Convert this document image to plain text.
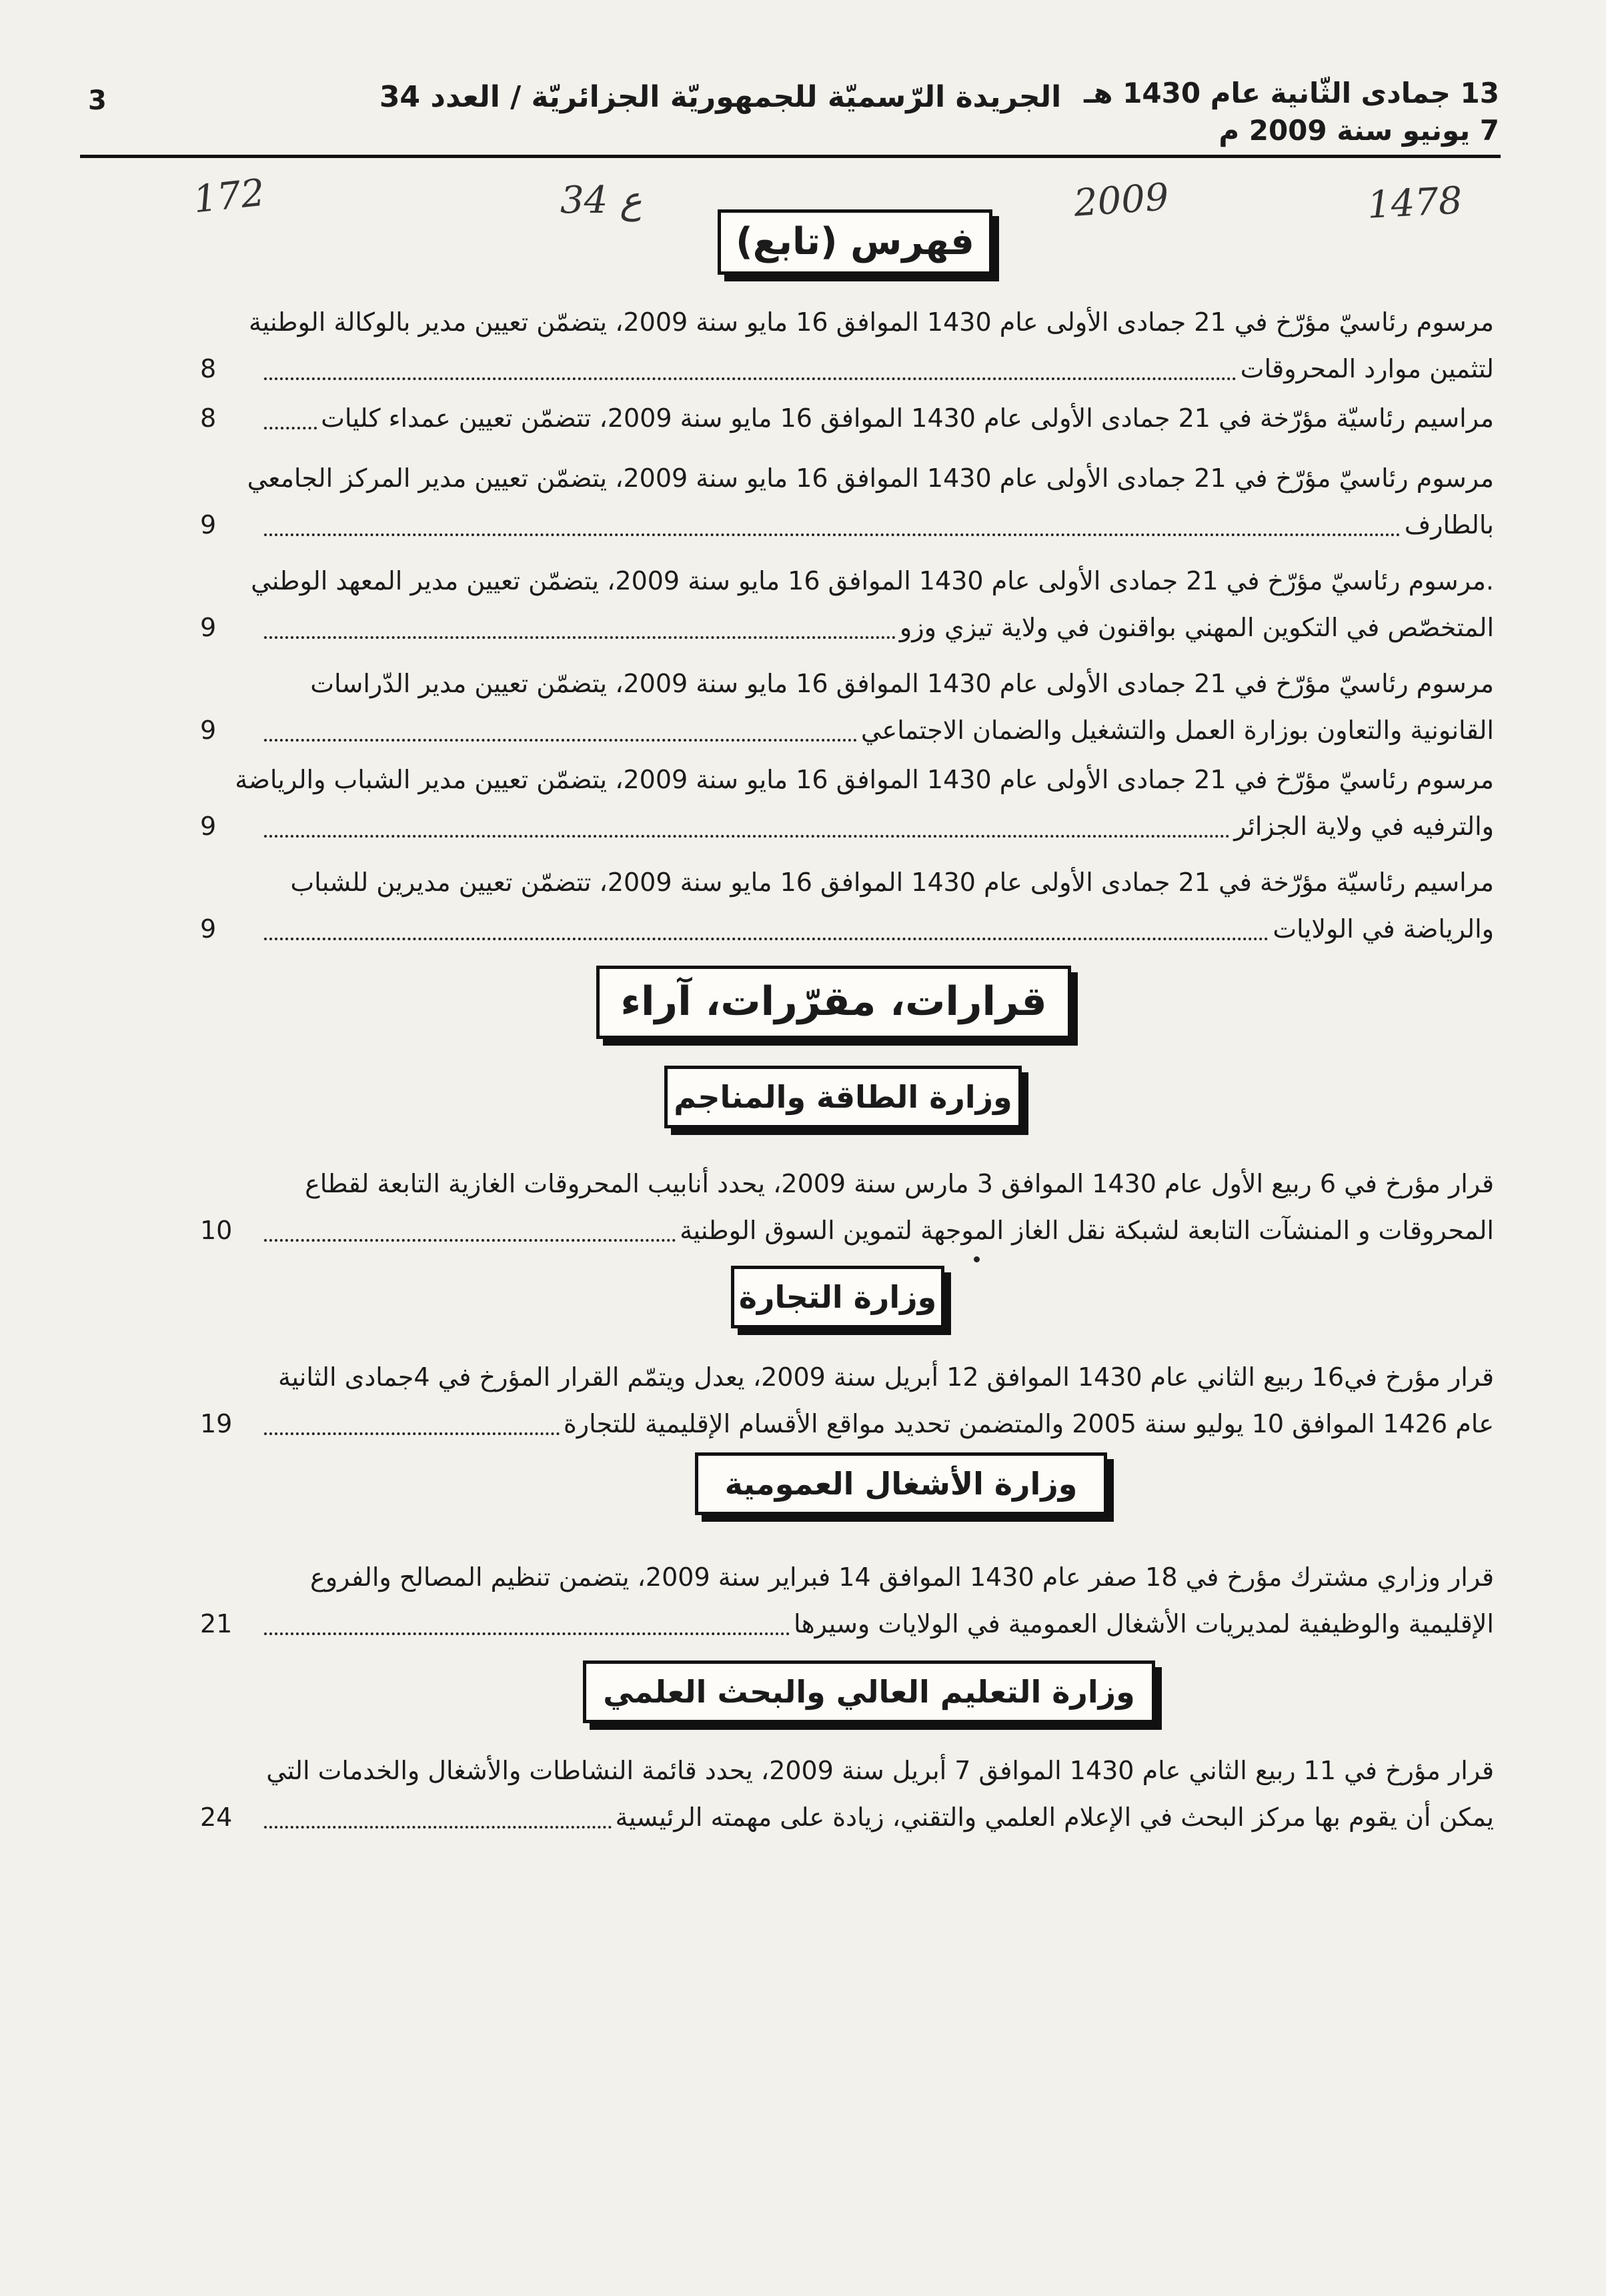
3	الجريدة الرّسميّة للجمهوريّة الجزائريّة / العدد 34 13 جمادى الثّانية عام 1430 هـ
7 يونيو سنة 2009 م
172	34 ع	2009	1478
فهرس (تابع)
مرسوم رئاسيّ مؤرّخ في 21 جمادى الأولى عام 1430 الموافق 16 مايو سنة 2009، يتضمّن تعيين مدير بالوكالة الوطنية
لتثمين موارد المحروقات
8
مراسيم رئاسيّة مؤرّخة في 21 جمادى الأولى عام 1430 الموافق 16 مايو سنة 2009، تتضمّن تعيين عمداء كليات
8
مرسوم رئاسيّ مؤرّخ في 21 جمادى الأولى عام 1430 الموافق 16 مايو سنة 2009، يتضمّن تعيين مدير المركز الجامعي
بالطارف
9
.مرسوم رئاسيّ مؤرّخ في 21 جمادى الأولى عام 1430 الموافق 16 مايو سنة 2009، يتضمّن تعيين مدير المعهد الوطني
المتخصّص في التكوين المهني بواقنون في ولاية تيزي وزو
9
مرسوم رئاسيّ مؤرّخ في 21 جمادى الأولى عام 1430 الموافق 16 مايو سنة 2009، يتضمّن تعيين مدير الدّراسات
القانونية والتعاون بوزارة العمل والتشغيل والضمان الاجتماعي
9
مرسوم رئاسيّ مؤرّخ في 21 جمادى الأولى عام 1430 الموافق 16 مايو سنة 2009، يتضمّن تعيين مدير الشباب والرياضة
والترفيه في ولاية الجزائر
9
مراسيم رئاسيّة مؤرّخة في 21 جمادى الأولى عام 1430 الموافق 16 مايو سنة 2009، تتضمّن تعيين مديرين للشباب
والرياضة في الولايات
9
قرارات، مقرّرات، آراء
وزارة الطاقة والمناجم
قرار مؤرخ في 6 ربيع الأول عام 1430 الموافق 3 مارس سنة 2009، يحدد أنابيب المحروقات الغازية التابعة لقطاع
المحروقات و المنشآت التابعة لشبكة نقل الغاز الموجهة لتموين السوق الوطنية
10
وزارة التجارة
قرار مؤرخ في16 ربيع الثاني عام 1430 الموافق 12 أبريل سنة 2009، يعدل ويتمّم القرار المؤرخ في 4جمادى الثانية
عام 1426 الموافق 10 يوليو سنة 2005 والمتضمن تحديد مواقع الأقسام الإقليمية للتجارة
19
وزارة الأشغال العمومية
قرار وزاري مشترك مؤرخ في 18 صفر عام 1430 الموافق 14 فبراير سنة 2009، يتضمن تنظيم المصالح والفروع
الإقليمية والوظيفية لمديريات الأشغال العمومية في الولايات وسيرها
21
وزارة التعليم العالي والبحث العلمي
قرار مؤرخ في 11 ربيع الثاني عام 1430 الموافق 7 أبريل سنة 2009، يحدد قائمة النشاطات والأشغال والخدمات التي
يمكن أن يقوم بها مركز البحث في الإعلام العلمي والتقني، زيادة على مهمته الرئيسية
24
